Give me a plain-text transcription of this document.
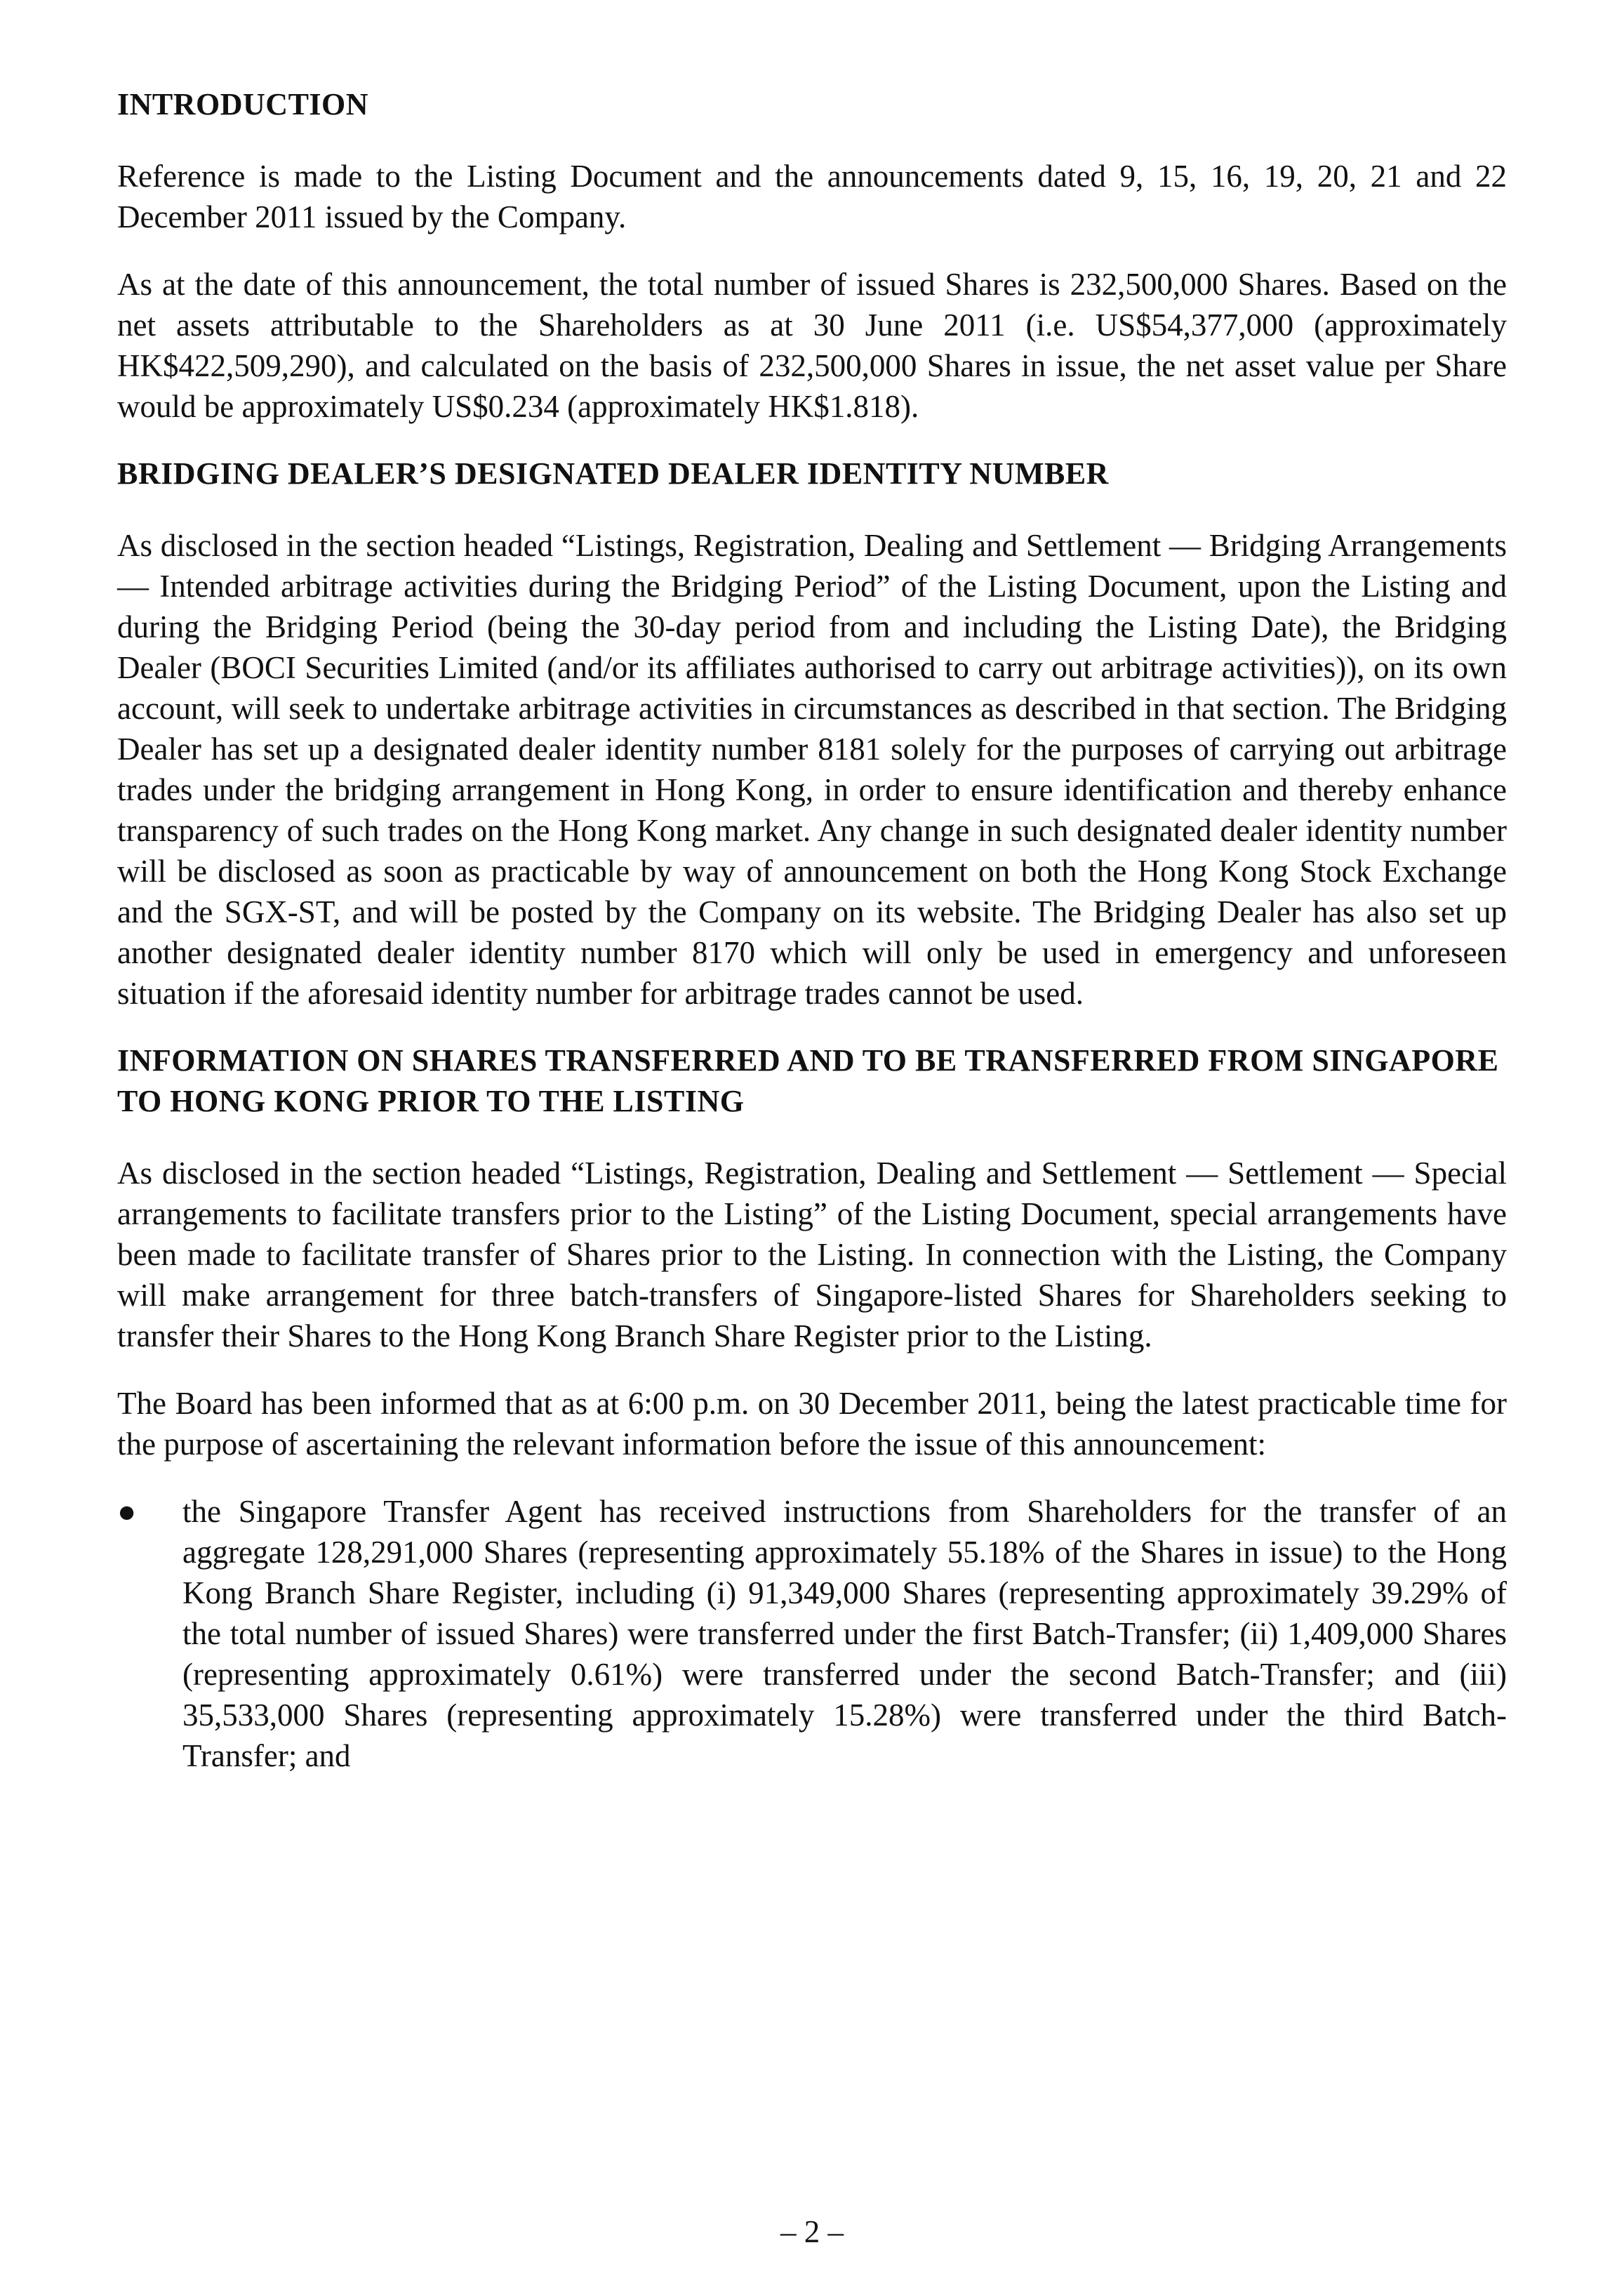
INTRODUCTION

Reference is made to the Listing Document and the announcements dated 9, 15, 16, 19, 20, 21 and 22 December 2011 issued by the Company.

As at the date of this announcement, the total number of issued Shares is 232,500,000 Shares. Based on the net assets attributable to the Shareholders as at 30 June 2011 (i.e. US$54,377,000 (approximately HK$422,509,290), and calculated on the basis of 232,500,000 Shares in issue, the net asset value per Share would be approximately US$0.234 (approximately HK$1.818).

BRIDGING DEALER’S DESIGNATED DEALER IDENTITY NUMBER

As disclosed in the section headed “Listings, Registration, Dealing and Settlement — Bridging Arrangements — Intended arbitrage activities during the Bridging Period” of the Listing Document, upon the Listing and during the Bridging Period (being the 30-day period from and including the Listing Date), the Bridging Dealer (BOCI Securities Limited (and/or its affiliates authorised to carry out arbitrage activities)), on its own account, will seek to undertake arbitrage activities in circumstances as described in that section. The Bridging Dealer has set up a designated dealer identity number 8181 solely for the purposes of carrying out arbitrage trades under the bridging arrangement in Hong Kong, in order to ensure identification and thereby enhance transparency of such trades on the Hong Kong market. Any change in such designated dealer identity number will be disclosed as soon as practicable by way of announcement on both the Hong Kong Stock Exchange and the SGX-ST, and will be posted by the Company on its website. The Bridging Dealer has also set up another designated dealer identity number 8170 which will only be used in emergency and unforeseen situation if the aforesaid identity number for arbitrage trades cannot be used.

INFORMATION ON SHARES TRANSFERRED AND TO BE TRANSFERRED FROM SINGAPORE TO HONG KONG PRIOR TO THE LISTING

As disclosed in the section headed “Listings, Registration, Dealing and Settlement — Settlement — Special arrangements to facilitate transfers prior to the Listing” of the Listing Document, special arrangements have been made to facilitate transfer of Shares prior to the Listing. In connection with the Listing, the Company will make arrangement for three batch-transfers of Singapore-listed Shares for Shareholders seeking to transfer their Shares to the Hong Kong Branch Share Register prior to the Listing.

The Board has been informed that as at 6:00 p.m. on 30 December 2011, being the latest practicable time for the purpose of ascertaining the relevant information before the issue of this announcement:

●	the Singapore Transfer Agent has received instructions from Shareholders for the transfer of an aggregate 128,291,000 Shares (representing approximately 55.18% of the Shares in issue) to the Hong Kong Branch Share Register, including (i) 91,349,000 Shares (representing approximately 39.29% of the total number of issued Shares) were transferred under the first Batch-Transfer; (ii) 1,409,000 Shares (representing approximately 0.61%) were transferred under the second Batch-Transfer; and (iii) 35,533,000 Shares (representing approximately 15.28%) were transferred under the third Batch-Transfer; and
– 2 –
